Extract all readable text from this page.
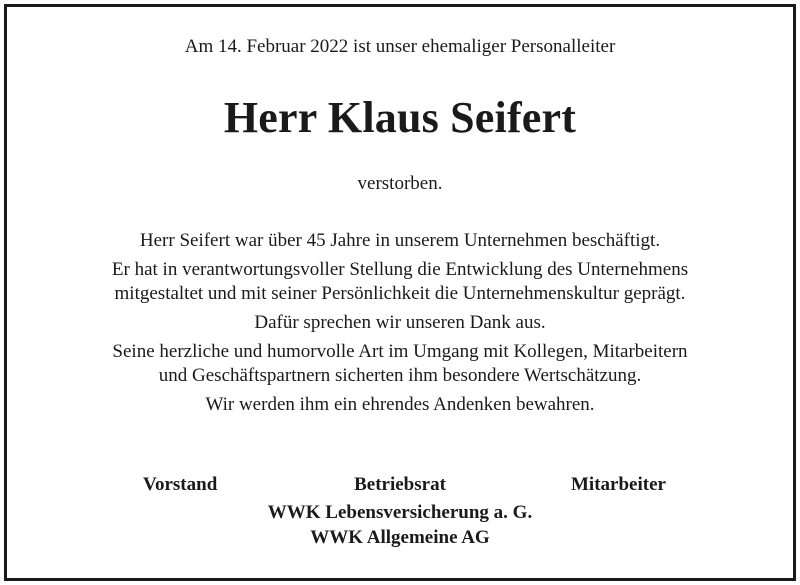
Am 14. Februar 2022 ist unser ehemaliger Personalleiter
Herr Klaus Seifert
verstorben.

Herr Seifert war über 45 Jahre in unserem Unternehmen beschäftigt.

Er hat in verantwortungsvoller Stellung die Entwicklung des Unternehmens
mitgestaltet und mit seiner Persönlichkeit die Unternehmenskultur geprägt.

Dafür sprechen wir unseren Dank aus.

Seine herzliche und humorvolle Art im Umgang mit Kollegen, Mitarbeitern
und Geschäftspartnern sicherten ihm besondere Wertschätzung.

Wir werden ihm ein ehrendes Andenken bewahren.

Vorstand	Betriebsrat	Mitarbeiter
WWK Lebensversicherung a. G.
WWK Allgemeine AG
